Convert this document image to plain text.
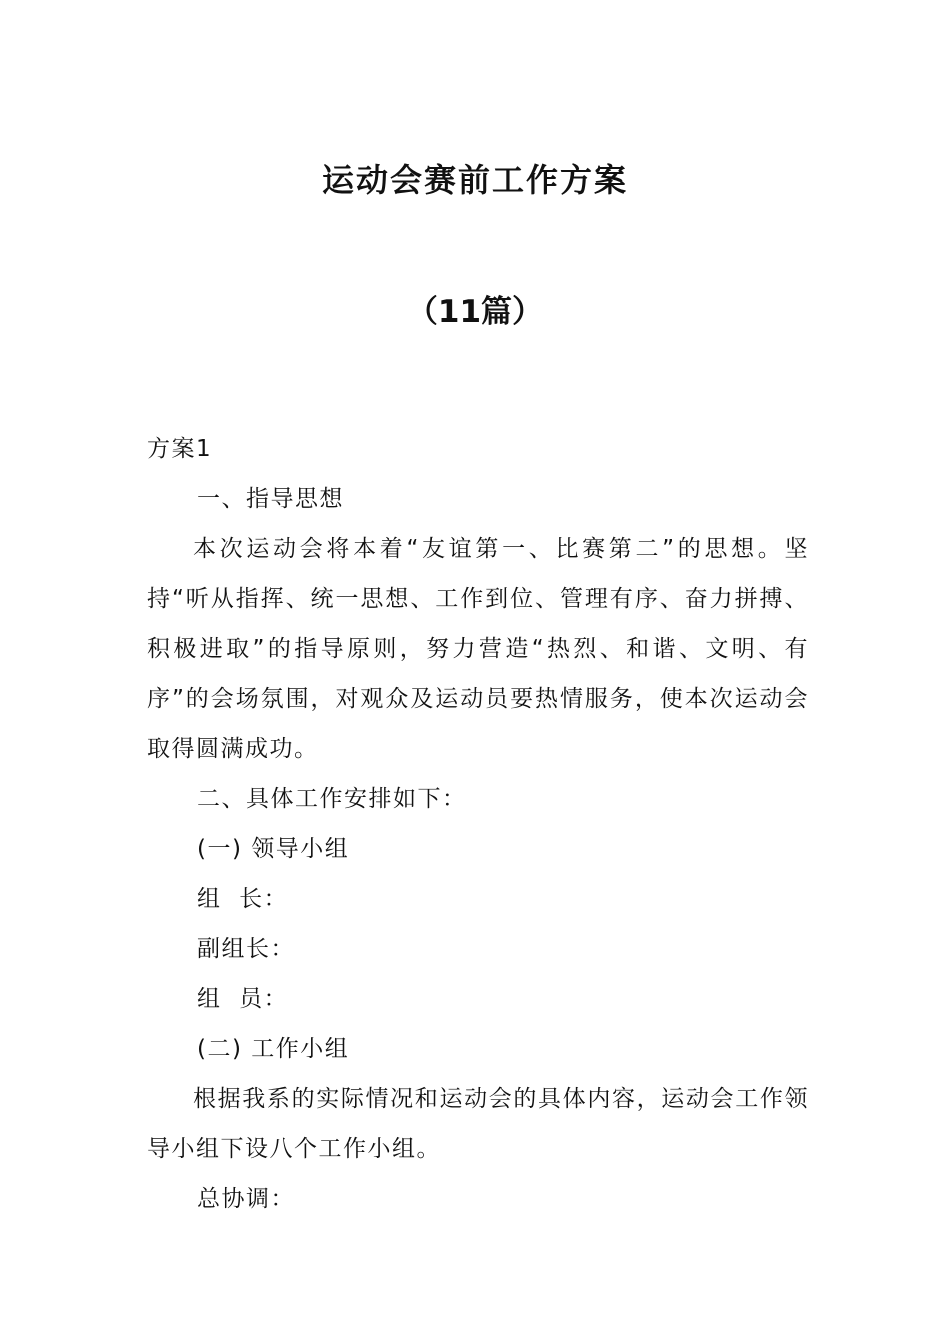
运动会赛前工作方案
（11篇）

方案1

一、指导思想

本次运动会将本着“友谊第一、比赛第二”的思想。坚持“听从指挥、统一思想、工作到位、管理有序、奋力拼搏、积极进取”的指导原则，努力营造“热烈、和谐、文明、有序”的会场氛围，对观众及运动员要热情服务，使本次运动会取得圆满成功。

二、具体工作安排如下：

(一) 领导小组

组  长：

副组长：

组  员：

(二) 工作小组

根据我系的实际情况和运动会的具体内容，运动会工作领导小组下设八个工作小组。

总协调：
